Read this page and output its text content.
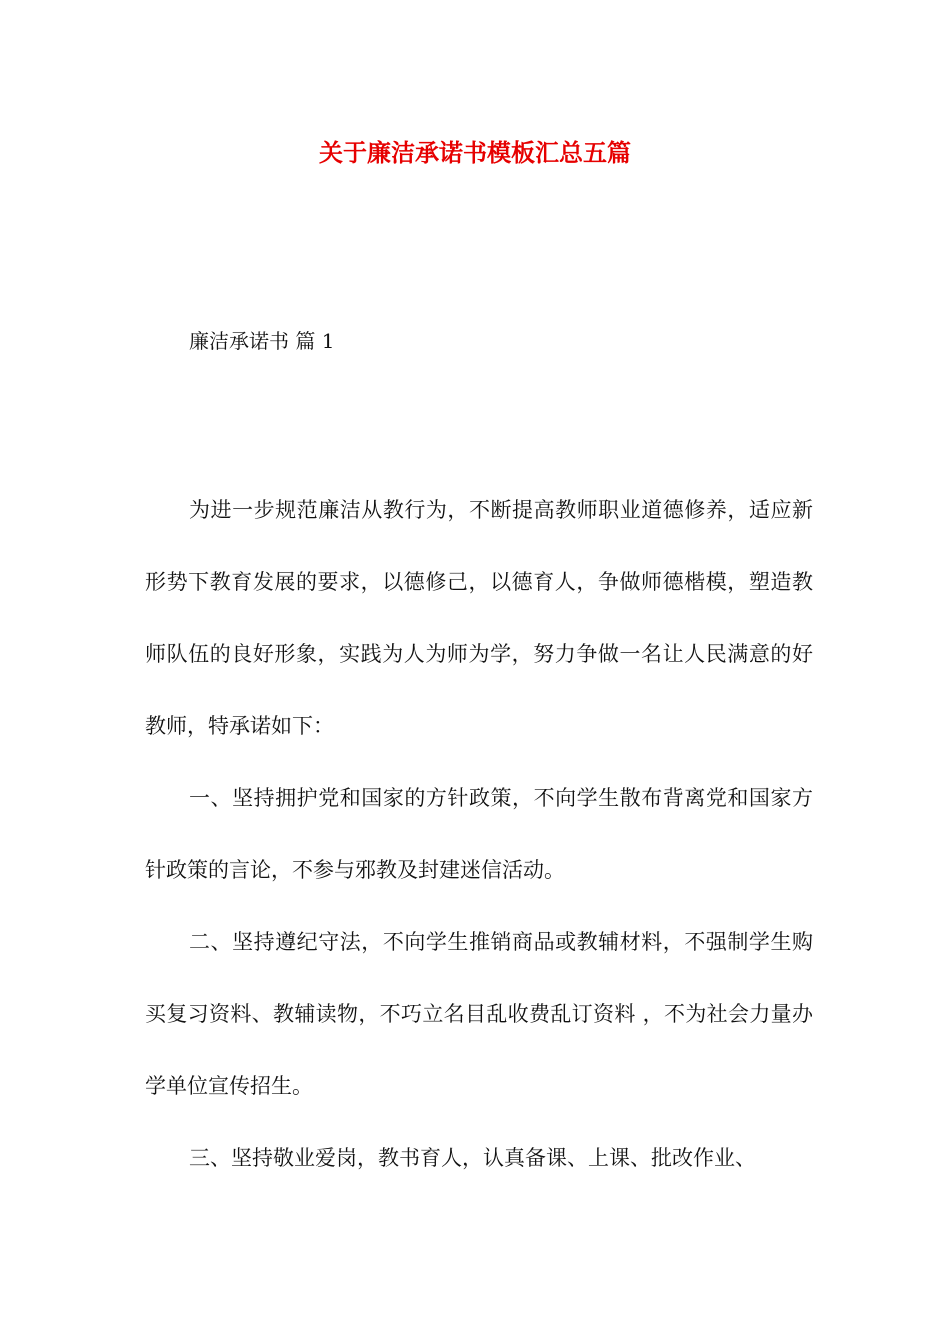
关于廉洁承诺书模板汇总五篇
廉洁承诺书 篇 1

为进一步规范廉洁从教行为，不断提高教师职业道德修养，适应新形势下教育发展的要求，以德修己，以德育人，争做师德楷模，塑造教师队伍的良好形象，实践为人为师为学，努力争做一名让人民满意的好教师，特承诺如下：

一、坚持拥护党和国家的方针政策，不向学生散布背离党和国家方针政策的言论，不参与邪教及封建迷信活动。

二、坚持遵纪守法，不向学生推销商品或教辅材料，不强制学生购买复习资料、教辅读物，不巧立名目乱收费乱订资料 ，不为社会力量办学单位宣传招生。

三、坚持敬业爱岗，教书育人，认真备课、上课、批改作业、
